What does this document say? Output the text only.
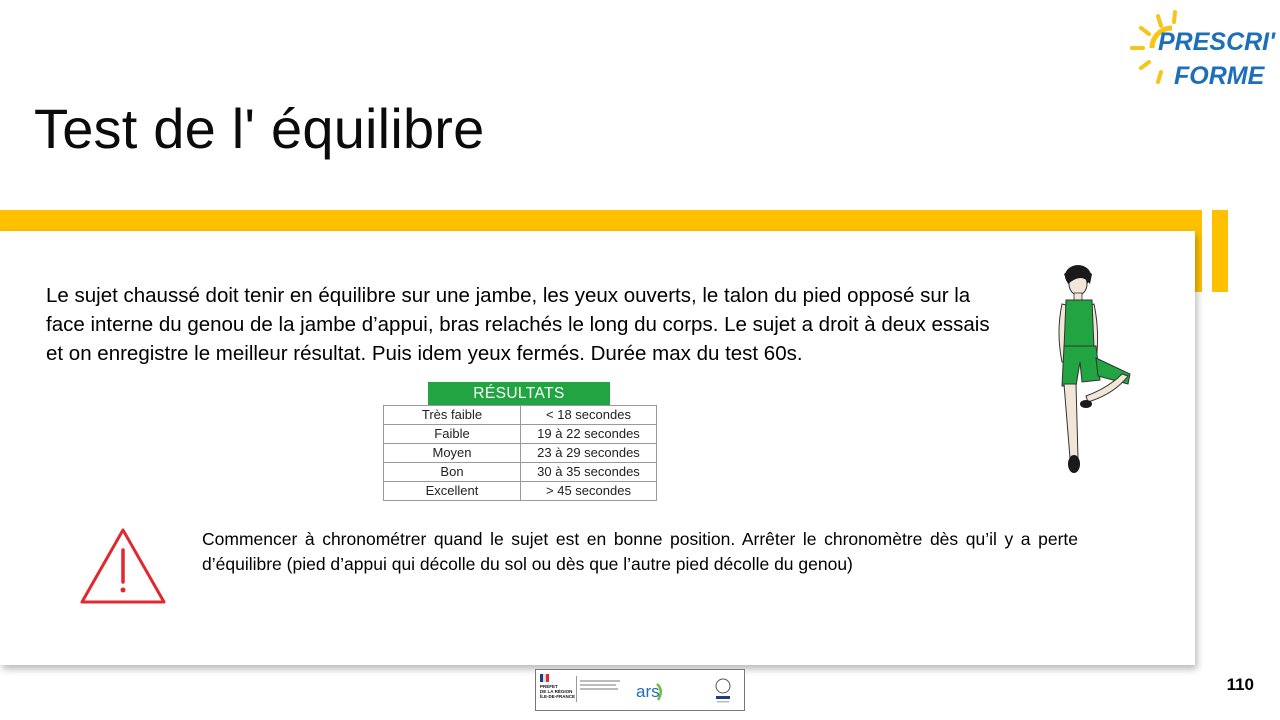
Test de l' équilibre
PRESCRI'
FORME

Le sujet chaussé doit tenir en équilibre sur une jambe, les yeux ouverts, le talon du pied opposé sur la face interne du genou de la jambe d’appui, bras relachés le long du corps. Le sujet a droit à deux essais et on enregistre le meilleur résultat. Puis idem yeux fermés. Durée max du test 60s.

RÉSULTATS
Très faible	< 18 secondes
Faible	19 à 22 secondes
Moyen	23 à 29 secondes
Bon	30 à 35 secondes
Excellent	> 45 secondes

Commencer à chronométrer quand le sujet est en bonne position. Arrêter le chronomètre dès qu’il y a perte d’équilibre (pied d’appui qui décolle du sol ou dès que l’autre pied décolle du genou)

PRÉFET
DE LA RÉGION
ÎLE-DE-FRANCE	ars	110
